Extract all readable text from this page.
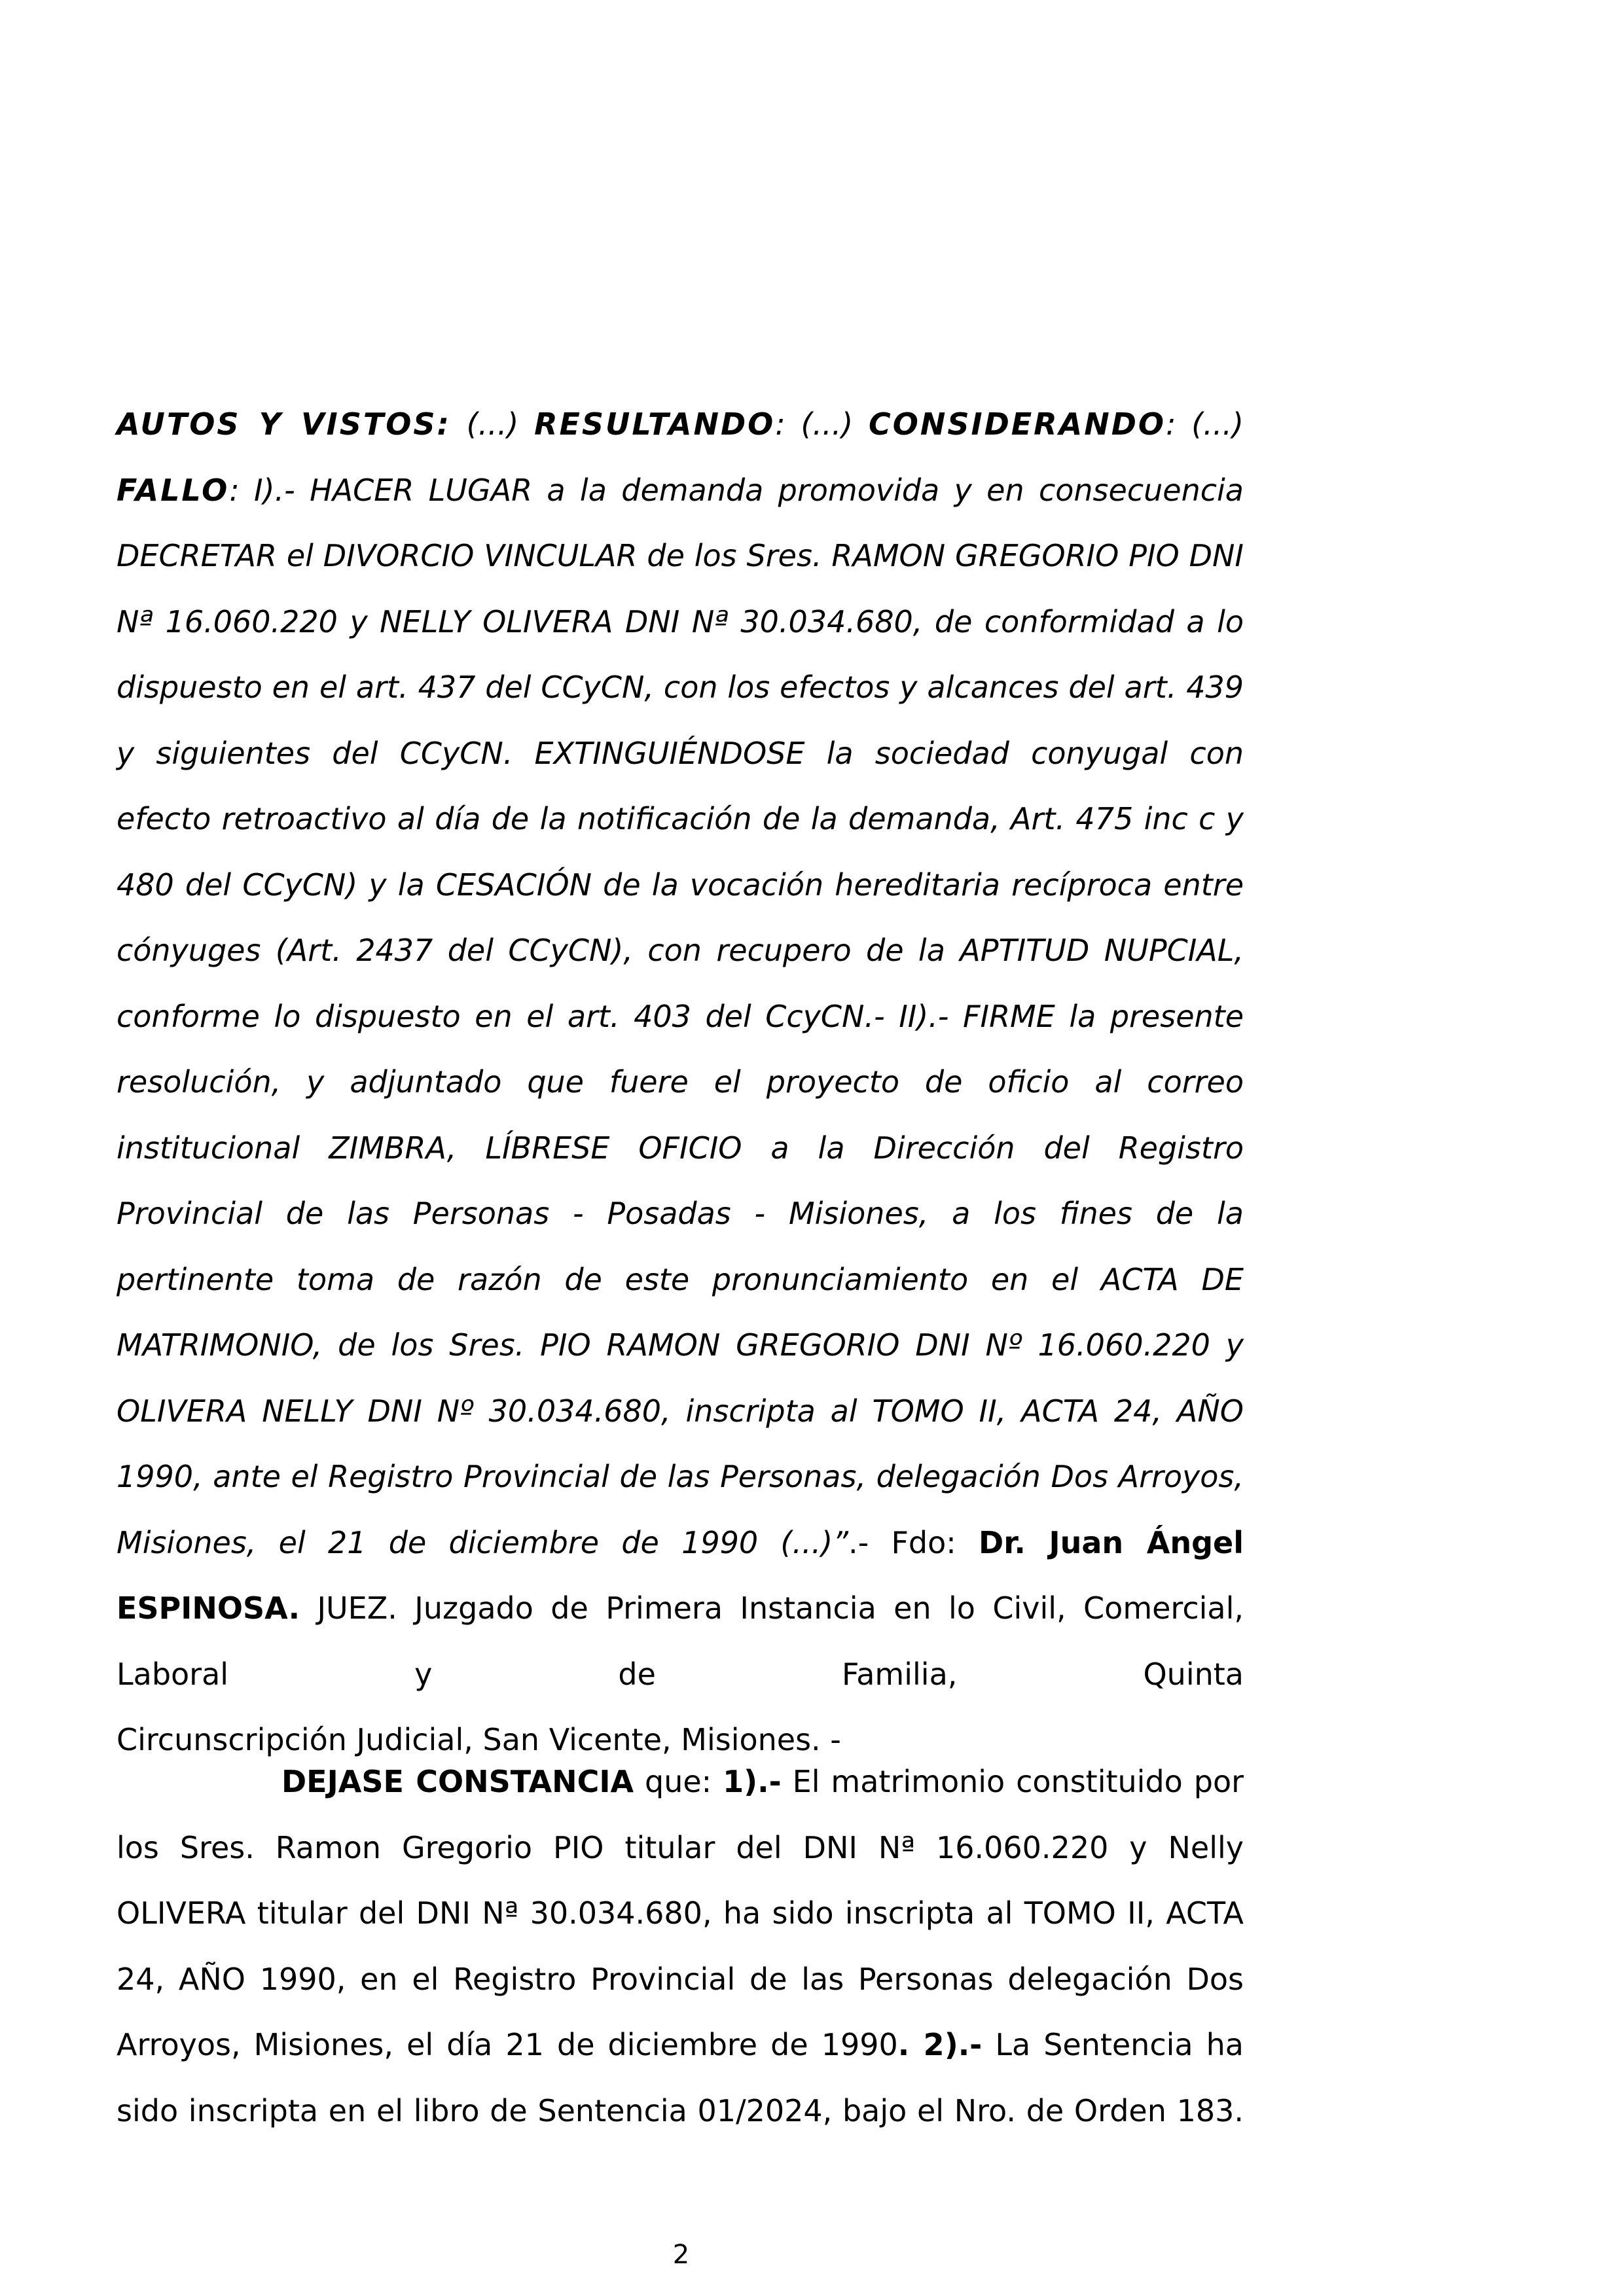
AUTOS Y VISTOS: (...) RESULTANDO: (...) CONSIDERANDO: (...) FALLO: I).- HACER LUGAR a la demanda promovida y en consecuencia DECRETAR el DIVORCIO VINCULAR de los Sres. RAMON GREGORIO PIO DNI Nª 16.060.220 y NELLY OLIVERA DNI Nª 30.034.680, de conformidad a lo dispuesto en el art. 437 del CCyCN, con los efectos y alcances del art. 439 y siguientes del CCyCN. EXTINGUIÉNDOSE la sociedad conyugal con efecto retroactivo al día de la notificación de la demanda, Art. 475 inc c y 480 del CCyCN) y la CESACIÓN de la vocación hereditaria recíproca entre cónyuges (Art. 2437 del CCyCN), con recupero de la APTITUD NUPCIAL, conforme lo dispuesto en el art. 403 del CcyCN.- II).- FIRME la presente resolución, y adjuntado que fuere el proyecto de oficio al correo institucional ZIMBRA, LÍBRESE OFICIO a la Dirección del Registro Provincial de las Personas - Posadas - Misiones, a los fines de la pertinente toma de razón de este pronunciamiento en el ACTA DE MATRIMONIO, de los Sres. PIO RAMON GREGORIO DNI Nº 16.060.220 y OLIVERA NELLY DNI Nº 30.034.680, inscripta al TOMO II, ACTA 24, AÑO 1990, ante el Registro Provincial de las Personas, delegación Dos Arroyos, Misiones, el 21 de diciembre de 1990 (...)”.- Fdo: Dr. Juan Ángel ESPINOSA. JUEZ. Juzgado de Primera Instancia en lo Civil, Comercial, Laboral y de Familia, Quinta
Circunscripción Judicial, San Vicente, Misiones. -
DEJASE CONSTANCIA que: 1).- El matrimonio constituido por los Sres. Ramon Gregorio PIO titular del DNI Nª 16.060.220 y Nelly OLIVERA titular del DNI Nª 30.034.680, ha sido inscripta al TOMO II, ACTA 24, AÑO 1990, en el Registro Provincial de las Personas delegación Dos Arroyos, Misiones, el día 21 de diciembre de 1990. 2).- La Sentencia ha sido inscripta en el libro de Sentencia 01/2024, bajo el Nro. de Orden 183.
2
